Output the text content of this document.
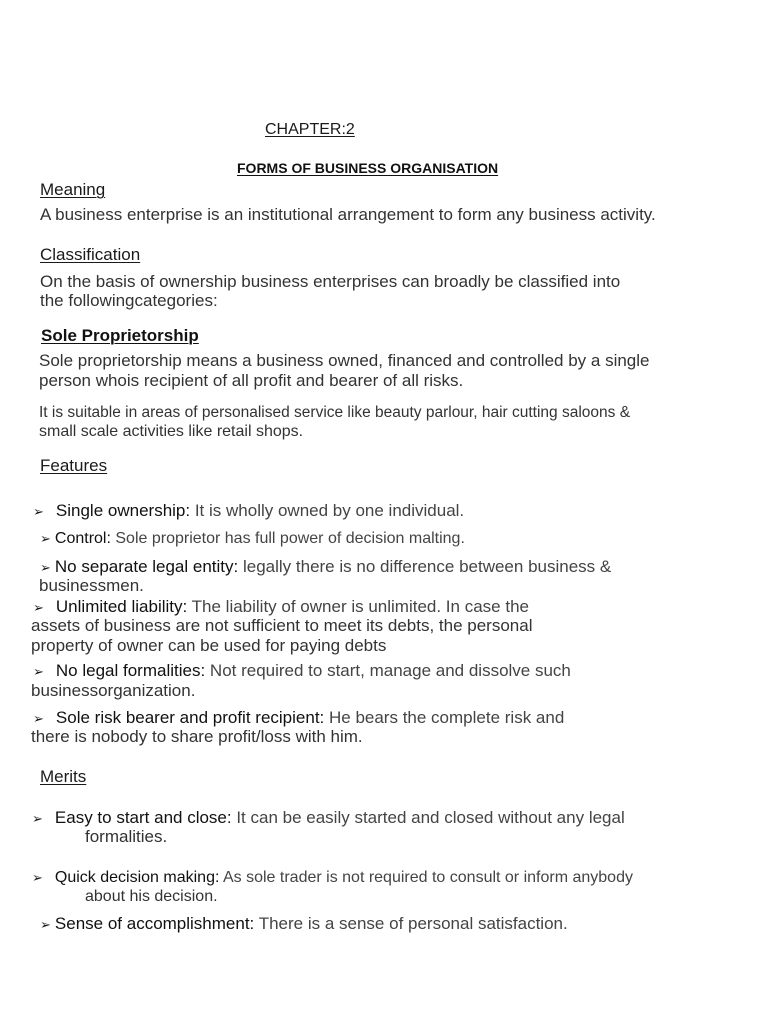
CHAPTER:2
FORMS OF BUSINESS ORGANISATION
Meaning
A business enterprise is an institutional arrangement to form any business activity.
Classification
On the basis of ownership business enterprises can broadly be classified into
the followingcategories:
Sole Proprietorship
Sole proprietorship means a business owned, financed and controlled by a single
person whois recipient of all profit and bearer of all risks.
It is suitable in areas of personalised service like beauty parlour, hair cutting saloons &
small scale activities like retail shops.
Features
➢ Single ownership: It is wholly owned by one individual.
➢ Control: Sole proprietor has full power of decision malting.
➢ No separate legal entity: legally there is no difference between business &
businessmen.
➢ Unlimited liability: The liability of owner is unlimited. In case the
assets of business are not sufficient to meet its debts, the personal
property of owner can be used for paying debts
➢ No legal formalities: Not required to start, manage and dissolve such
businessorganization.
➢ Sole risk bearer and profit recipient: He bears the complete risk and
there is nobody to share profit/loss with him.
Merits
➢ Easy to start and close: It can be easily started and closed without any legal
formalities.
➢ Quick decision making: As sole trader is not required to consult or inform anybody
about his decision.
➢ Sense of accomplishment: There is a sense of personal satisfaction.
